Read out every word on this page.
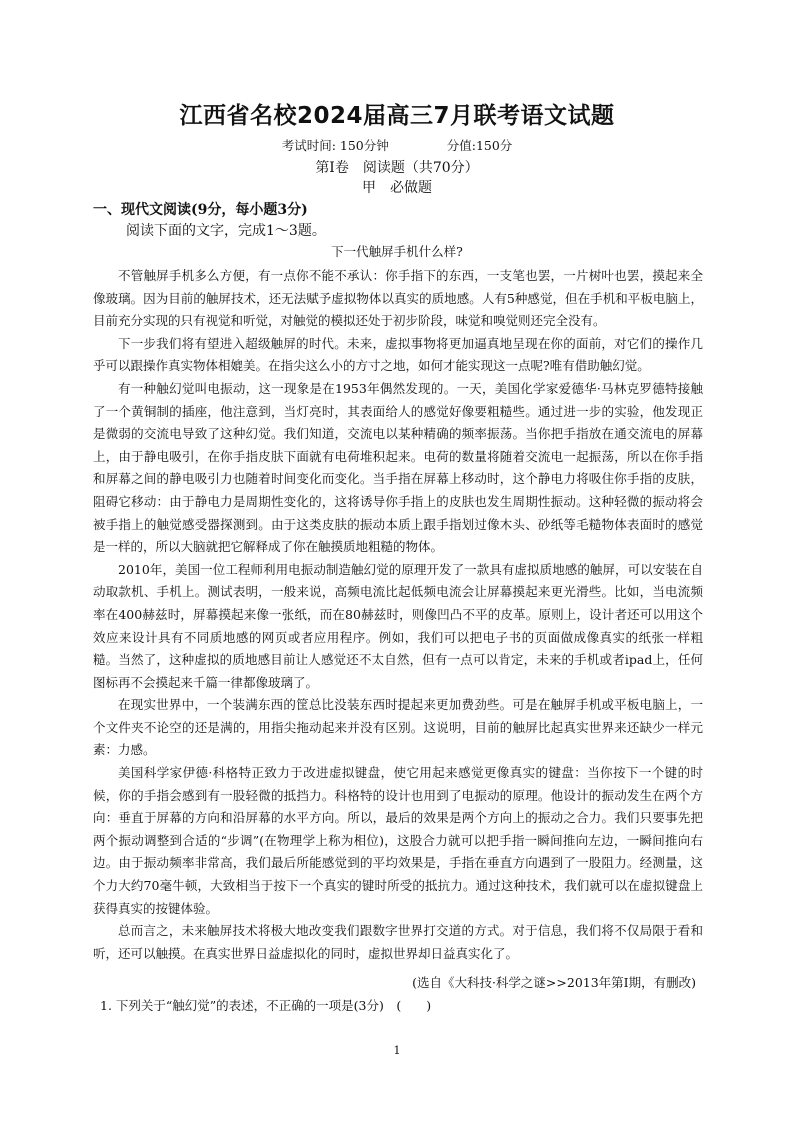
江西省名校2024届高三7月联考语文试题
考试时间: 150分钟	分值:150分
第Ⅰ卷　阅读题（共70分）
甲　必做题
一、现代文阅读(9分，每小题3分)
阅读下面的文字，完成1～3题。
下一代触屏手机什么样?

不管触屏手机多么方便，有一点你不能不承认：你手指下的东西，一支笔也罢，一片树叶也罢，摸起来全像玻璃。因为目前的触屏技术，还无法赋予虚拟物体以真实的质地感。人有5种感觉，但在手机和平板电脑上，目前充分实现的只有视觉和听觉，对触觉的模拟还处于初步阶段，味觉和嗅觉则还完全没有。

下一步我们将有望进入超级触屏的时代。未来，虚拟事物将更加逼真地呈现在你的面前，对它们的操作几乎可以跟操作真实物体相媲美。在指尖这么小的方寸之地，如何才能实现这一点呢?唯有借助触幻觉。

有一种触幻觉叫电振动，这一现象是在1953年偶然发现的。一天，美国化学家爱德华·马林克罗德特接触了一个黄铜制的插座，他注意到，当灯亮时，其表面给人的感觉好像要粗糙些。通过进一步的实验，他发现正是微弱的交流电导致了这种幻觉。我们知道，交流电以某种精确的频率振荡。当你把手指放在通交流电的屏幕上，由于静电吸引，在你手指皮肤下面就有电荷堆积起来。电荷的数量将随着交流电一起振荡，所以在你手指和屏幕之间的静电吸引力也随着时间变化而变化。当手指在屏幕上移动时，这个静电力将吸住你手指的皮肤，阻碍它移动：由于静电力是周期性变化的，这将诱导你手指上的皮肤也发生周期性振动。这种轻微的振动将会被手指上的触觉感受器探测到。由于这类皮肤的振动本质上跟手指划过像木头、砂纸等毛糙物体表面时的感觉是一样的，所以大脑就把它解释成了你在触摸质地粗糙的物体。

2010年，美国一位工程师利用电振动制造触幻觉的原理开发了一款具有虚拟质地感的触屏，可以安装在自动取款机、手机上。测试表明，一般来说，高频电流比起低频电流会让屏幕摸起来更光滑些。比如，当电流频率在400赫兹时，屏幕摸起来像一张纸，而在80赫兹时，则像凹凸不平的皮革。原则上，设计者还可以用这个效应来设计具有不同质地感的网页或者应用程序。例如，我们可以把电子书的页面做成像真实的纸张一样粗糙。当然了，这种虚拟的质地感目前让人感觉还不太自然，但有一点可以肯定，未来的手机或者ipad上，任何图标再不会摸起来千篇一律都像玻璃了。

在现实世界中，一个装满东西的筐总比没装东西时提起来更加费劲些。可是在触屏手机或平板电脑上，一个文件夹不论空的还是满的，用指尖拖动起来并没有区别。这说明，目前的触屏比起真实世界来还缺少一样元素：力感。

美国科学家伊德·科格特正致力于改进虚拟键盘，使它用起来感觉更像真实的键盘：当你按下一个键的时候，你的手指会感到有一股轻微的抵挡力。科格特的设计也用到了电振动的原理。他设计的振动发生在两个方向：垂直于屏幕的方向和沿屏幕的水平方向。所以，最后的效果是两个方向上的振动之合力。我们只要事先把两个振动调整到合适的“步调”(在物理学上称为相位)，这股合力就可以把手指一瞬间推向左边，一瞬间推向右边。由于振动频率非常高，我们最后所能感觉到的平均效果是，手指在垂直方向遇到了一股阻力。经测量，这个力大约70毫牛顿，大致相当于按下一个真实的键时所受的抵抗力。通过这种技术，我们就可以在虚拟键盘上获得真实的按键体验。

总而言之，未来触屏技术将极大地改变我们跟数字世界打交道的方式。对于信息，我们将不仅局限于看和听，还可以触摸。在真实世界日益虚拟化的同时，虚拟世界却日益真实化了。

(选自《大科技·科学之谜>>2013年第Ⅰ期，有删改)
1. 下列关于“触幻觉”的表述，不正确的一项是(3分)　(　　)
1
